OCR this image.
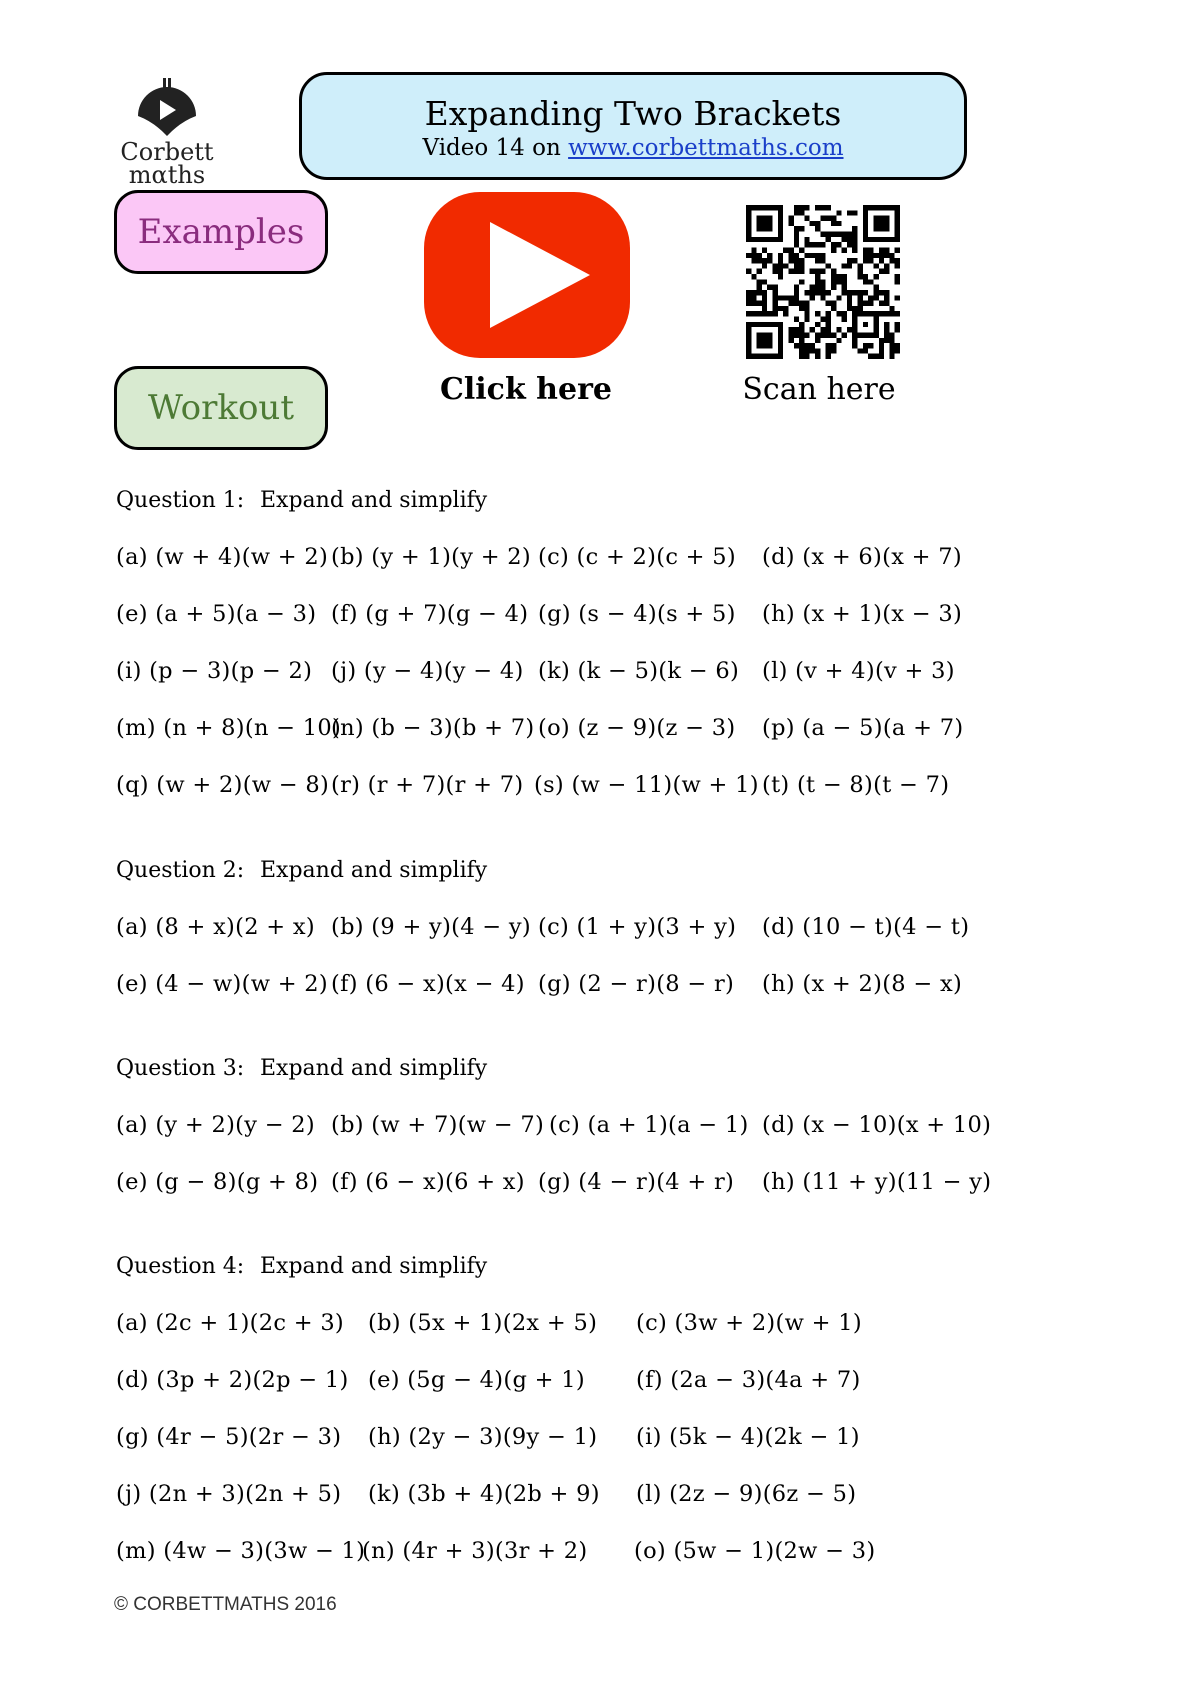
Corbett
mαths
Expanding Two Brackets
Video 14 on www.corbettmaths.com
Examples
Workout	Click here	Scan here
Question 1: Expand and simplify
(a) (w + 4)(w + 2) (b) (y + 1)(y + 2) (c) (c + 2)(c + 5) (d) (x + 6)(x + 7)
(e) (a + 5)(a − 3) (f) (g + 7)(g − 4) (g) (s − 4)(s + 5) (h) (x + 1)(x − 3)
(i) (p − 3)(p − 2) (j) (y − 4)(y − 4) (k) (k − 5)(k − 6) (l) (v + 4)(v + 3)
(m) (n + 8)(n − 10)
(n) (b − 3)(b + 7) (o) (z − 9)(z − 3) (p) (a − 5)(a + 7)
(q) (w + 2)(w − 8) (r) (r + 7)(r + 7) (s) (w − 11)(w + 1) (t) (t − 8)(t − 7)
Question 2: Expand and simplify
(a) (8 + x)(2 + x) (b) (9 + y)(4 − y) (c) (1 + y)(3 + y) (d) (10 − t)(4 − t)
(e) (4 − w)(w + 2) (f) (6 − x)(x − 4) (g) (2 − r)(8 − r) (h) (x + 2)(8 − x)
Question 3: Expand and simplify
(a) (y + 2)(y − 2) (b) (w + 7)(w − 7) (c) (a + 1)(a − 1) (d) (x − 10)(x + 10)
(e) (g − 8)(g + 8) (f) (6 − x)(6 + x) (g) (4 − r)(4 + r) (h) (11 + y)(11 − y)
Question 4: Expand and simplify
(a) (2c + 1)(2c + 3) (b) (5x + 1)(2x + 5) (c) (3w + 2)(w + 1)
(d) (3p + 2)(2p − 1) (e) (5g − 4)(g + 1) (f) (2a − 3)(4a + 7)
(g) (4r − 5)(2r − 3) (h) (2y − 3)(9y − 1) (i) (5k − 4)(2k − 1)
(j) (2n + 3)(2n + 5) (k) (3b + 4)(2b + 9) (l) (2z − 9)(6z − 5)
(m) (4w − 3)(3w − 1)
(n) (4r + 3)(3r + 2) (o) (5w − 1)(2w − 3)
© CORBETTMATHS 2016
